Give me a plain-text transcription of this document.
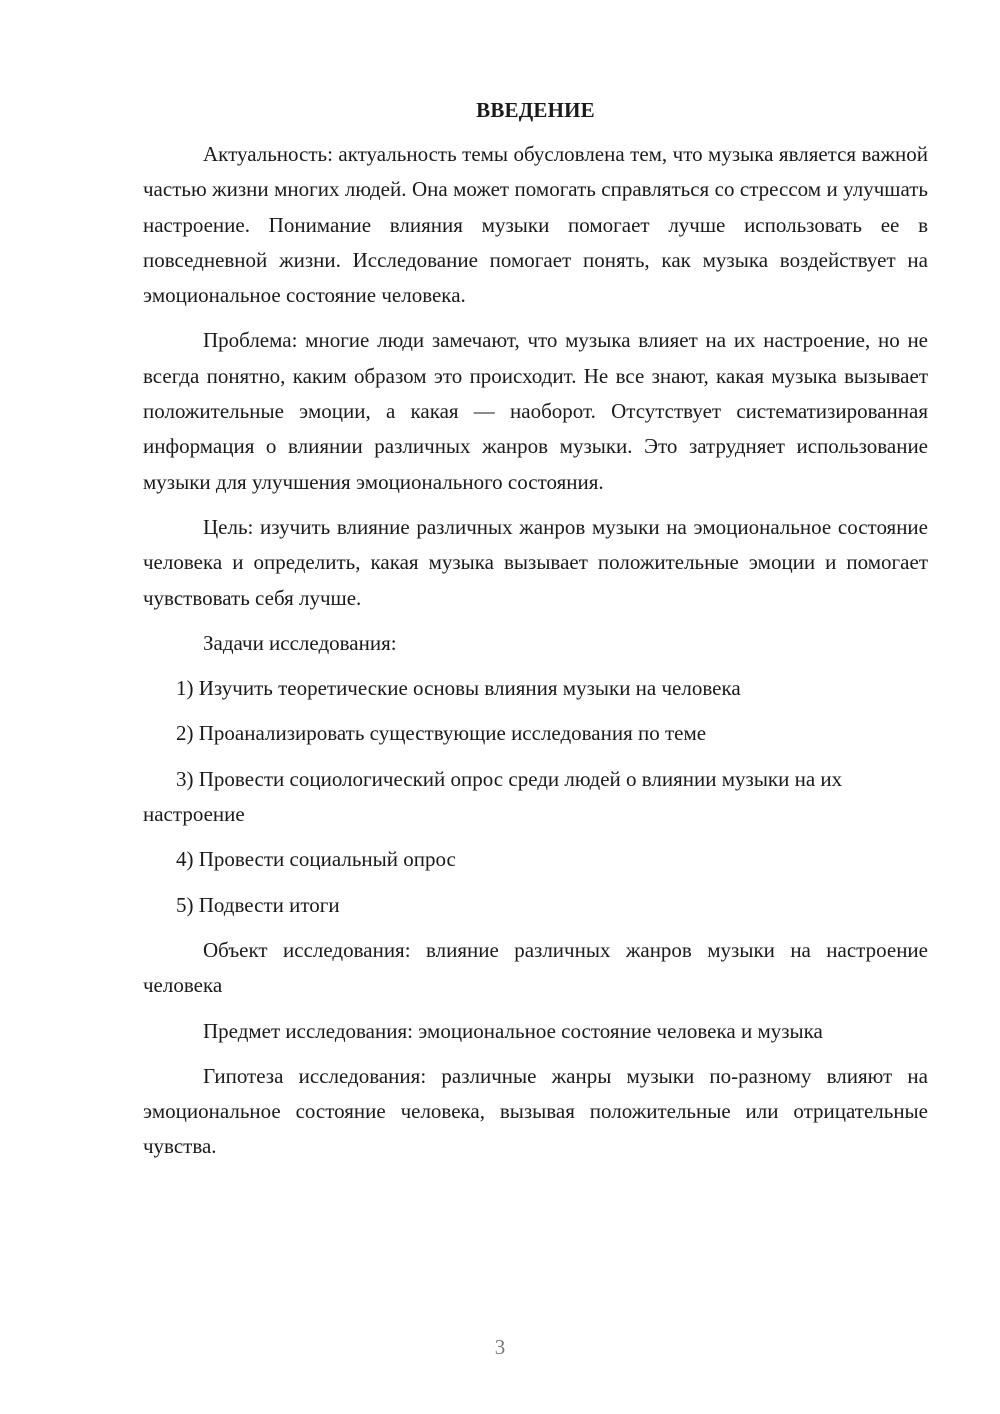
ВВЕДЕНИЕ

Актуальность: актуальность темы обусловлена тем, что музыка является важной частью жизни многих людей. Она может помогать справляться со стрессом и улучшать настроение. Понимание влияния музыки помогает лучше использовать ее в повседневной жизни. Исследование помогает понять, как музыка воздействует на эмоциональное состояние человека.

Проблема: многие люди замечают, что музыка влияет на их настроение, но не всегда понятно, каким образом это происходит. Не все знают, какая музыка вызывает положительные эмоции, а какая — наоборот. Отсутствует систематизированная информация о влиянии различных жанров музыки. Это затрудняет использование музыки для улучшения эмоционального состояния.

Цель: изучить влияние различных жанров музыки на эмоциональное состояние человека и определить, какая музыка вызывает положительные эмоции и помогает чувствовать себя лучше.

Задачи исследования:

1) Изучить теоретические основы влияния музыки на человека

2) Проанализировать существующие исследования по теме

3) Провести социологический опрос среди людей о влиянии музыки на их настроение

4) Провести социальный опрос

5) Подвести итоги

Объект исследования: влияние различных жанров музыки на настроение человека

Предмет исследования: эмоциональное состояние человека и музыка

Гипотеза исследования: различные жанры музыки по-разному влияют на эмоциональное состояние человека, вызывая положительные или отрицательные чувства.

3
